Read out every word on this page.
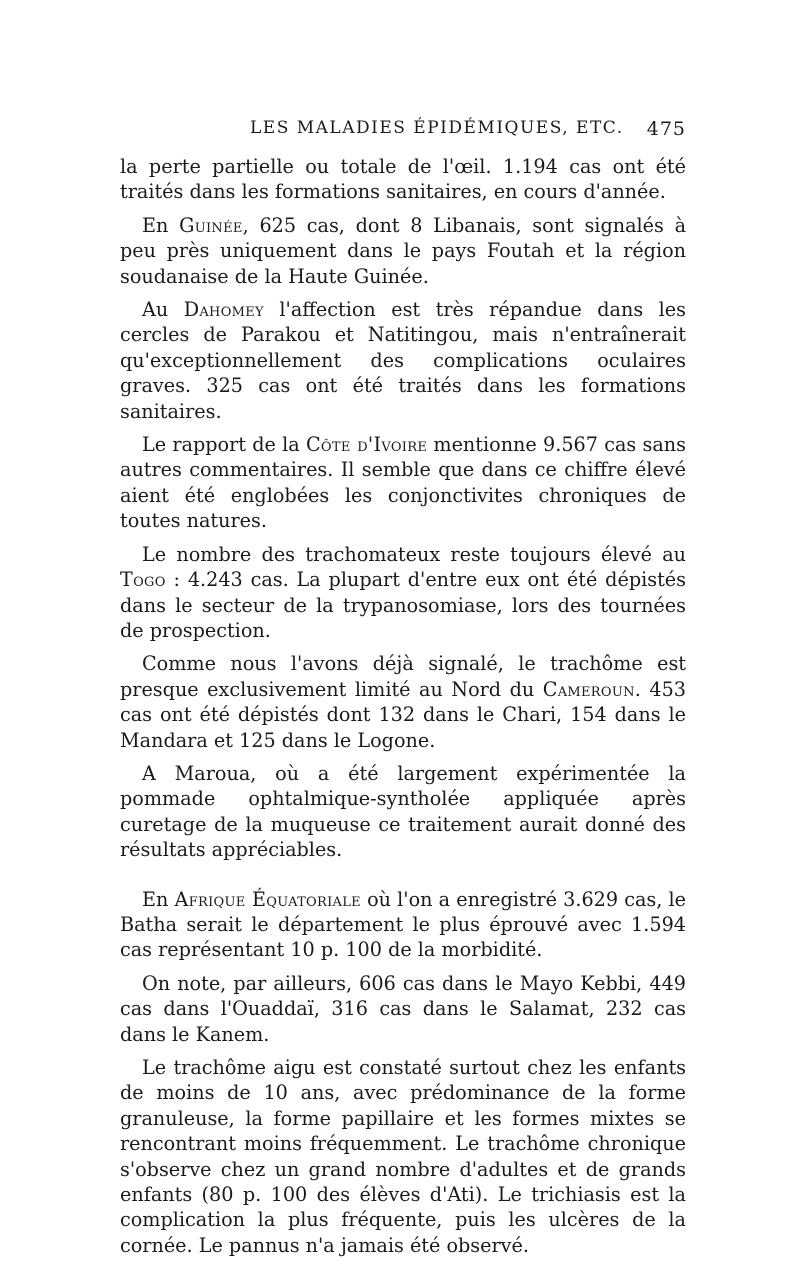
LES MALADIES ÉPIDÉMIQUES, ETC. 475

la perte partielle ou totale de l'œil. 1.194 cas ont été traités dans les formations sanitaires, en cours d'année.

En Guinée, 625 cas, dont 8 Libanais, sont signalés à peu près uniquement dans le pays Foutah et la région soudanaise de la Haute Guinée.

Au Dahomey l'affection est très répandue dans les cercles de Parakou et Natitingou, mais n'entraînerait qu'exceptionnellement des complications oculaires graves. 325 cas ont été traités dans les formations sanitaires.

Le rapport de la Côte d'Ivoire mentionne 9.567 cas sans autres commentaires. Il semble que dans ce chiffre élevé aient été englobées les conjonctivites chroniques de toutes natures.

Le nombre des trachomateux reste toujours élevé au Togo : 4.243 cas. La plupart d'entre eux ont été dépistés dans le secteur de la trypanosomiase, lors des tournées de prospection.

Comme nous l'avons déjà signalé, le trachôme est presque exclusivement limité au Nord du Cameroun. 453 cas ont été dépistés dont 132 dans le Chari, 154 dans le Mandara et 125 dans le Logone.

A Maroua, où a été largement expérimentée la pommade ophtalmique-syntholée appliquée après curetage de la muqueuse ce traitement aurait donné des résultats appréciables.

En Afrique Équatoriale où l'on a enregistré 3.629 cas, le Batha serait le département le plus éprouvé avec 1.594 cas représentant 10 p. 100 de la morbidité.

On note, par ailleurs, 606 cas dans le Mayo Kebbi, 449 cas dans l'Ouaddaï, 316 cas dans le Salamat, 232 cas dans le Kanem.

Le trachôme aigu est constaté surtout chez les enfants de moins de 10 ans, avec prédominance de la forme granuleuse, la forme papillaire et les formes mixtes se rencontrant moins fréquemment. Le trachôme chronique s'observe chez un grand nombre d'adultes et de grands enfants (80 p. 100 des élèves d'Ati). Le trichiasis est la complication la plus fréquente, puis les ulcères de la cornée. Le pannus n'a jamais été observé.
